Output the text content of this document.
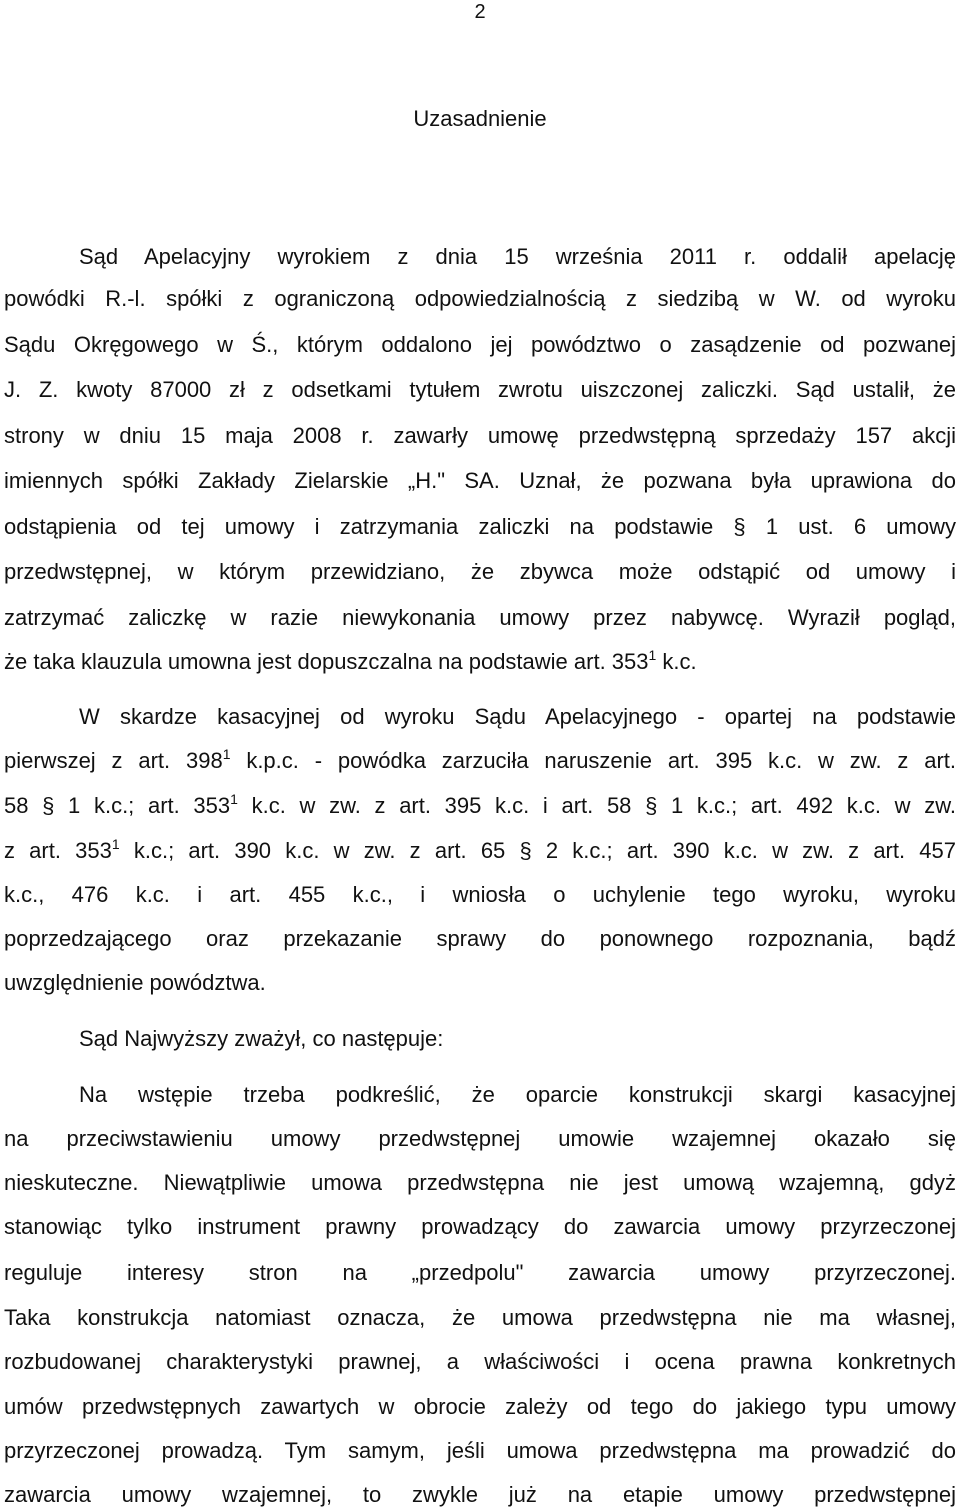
2
Uzasadnienie
Sąd Apelacyjny wyrokiem z dnia 15 września 2011 r. oddalił apelację
powódki R.-l. spółki z ograniczoną odpowiedzialnością z siedzibą w W. od wyroku
Sądu Okręgowego w Ś., którym oddalono jej powództwo o zasądzenie od pozwanej
J. Z. kwoty 87000 zł z odsetkami tytułem zwrotu uiszczonej zaliczki. Sąd ustalił, że
strony w dniu 15 maja 2008 r. zawarły umowę przedwstępną sprzedaży 157 akcji
imiennych spółki Zakłady Zielarskie „H." SA. Uznał, że pozwana była uprawiona do
odstąpienia od tej umowy i zatrzymania zaliczki na podstawie § 1 ust. 6 umowy
przedwstępnej, w którym przewidziano, że zbywca może odstąpić od umowy i
zatrzymać zaliczkę w razie niewykonania umowy przez nabywcę. Wyraził pogląd,
że taka klauzula umowna jest dopuszczalna na podstawie art. $353^1$ k.c.
W skardze kasacyjnej od wyroku Sądu Apelacyjnego - opartej na podstawie
pierwszej z art. $398^1$ k.p.c. - powódka zarzuciła naruszenie art. 395 k.c. w zw. z art.
58 § 1 k.c.; art. $353^1$ k.c. w zw. z art. 395 k.c. i art. 58 § 1 k.c.; art. 492 k.c. w zw.
z art. $353^1$ k.c.; art. 390 k.c. w zw. z art. 65 § 2 k.c.; art. 390 k.c. w zw. z art. 457
k.c., 476 k.c. i art. 455 k.c., i wniosła o uchylenie tego wyroku, wyroku
poprzedzającego oraz przekazanie sprawy do ponownego rozpoznania, bądź
uwzględnienie powództwa.
Sąd Najwyższy zważył, co następuje:
Na wstępie trzeba podkreślić, że oparcie konstrukcji skargi kasacyjnej
na przeciwstawieniu umowy przedwstępnej umowie wzajemnej okazało się
nieskuteczne. Niewątpliwie umowa przedwstępna nie jest umową wzajemną, gdyż
stanowiąc tylko instrument prawny prowadzący do zawarcia umowy przyrzeczonej
reguluje interesy stron na „przedpolu" zawarcia umowy przyrzeczonej.
Taka konstrukcja natomiast oznacza, że umowa przedwstępna nie ma własnej,
rozbudowanej charakterystyki prawnej, a właściwości i ocena prawna konkretnych
umów przedwstępnych zawartych w obrocie zależy od tego do jakiego typu umowy
przyrzeczonej prowadzą. Tym samym, jeśli umowa przedwstępna ma prowadzić do
zawarcia umowy wzajemnej, to zwykle już na etapie umowy przedwstępnej
